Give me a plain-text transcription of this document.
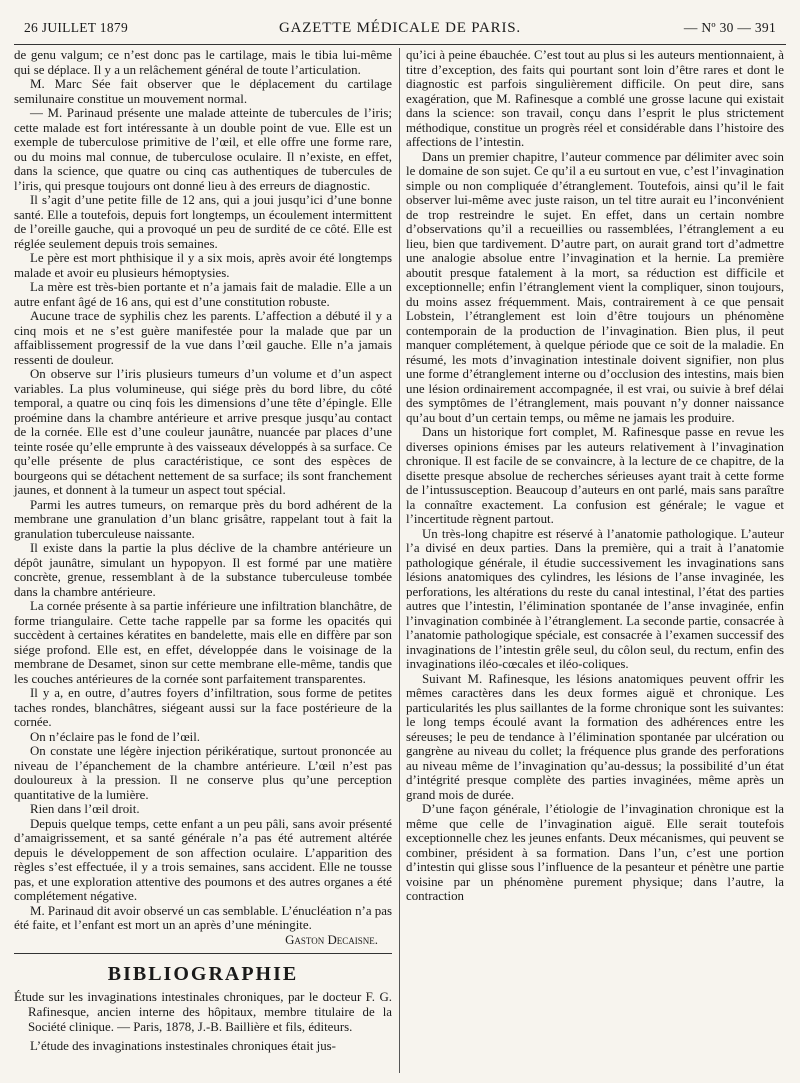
26 JUILLET 1879	GAZETTE MÉDICALE DE PARIS.	— Nº 30 — 391

de genu valgum; ce n’est donc pas le cartilage, mais le tibia lui-même qui se déplace. Il y a un relâchement général de toute l’articulation.

M. Marc Sée fait observer que le déplacement du cartilage semilunaire constitue un mouvement normal.

— M. Parinaud présente une malade atteinte de tubercules de l’iris; cette malade est fort intéressante à un double point de vue. Elle est un exemple de tuberculose primitive de l’œil, et elle offre une forme rare, ou du moins mal connue, de tuberculose oculaire. Il n’existe, en effet, dans la science, que quatre ou cinq cas authentiques de tubercules de l’iris, qui presque toujours ont donné lieu à des erreurs de diagnostic.

Il s’agit d’une petite fille de 12 ans, qui a joui jusqu’ici d’une bonne santé. Elle a toutefois, depuis fort longtemps, un écoulement intermittent de l’oreille gauche, qui a provoqué un peu de surdité de ce côté. Elle est réglée seulement depuis trois semaines.

Le père est mort phthisique il y a six mois, après avoir été longtemps malade et avoir eu plusieurs hémoptysies.

La mère est très-bien portante et n’a jamais fait de maladie. Elle a un autre enfant âgé de 16 ans, qui est d’une constitution robuste.

Aucune trace de syphilis chez les parents. L’affection a débuté il y a cinq mois et ne s’est guère manifestée pour la malade que par un affaiblissement progressif de la vue dans l’œil gauche. Elle n’a jamais ressenti de douleur.

On observe sur l’iris plusieurs tumeurs d’un volume et d’un aspect variables. La plus volumineuse, qui siége près du bord libre, du côté temporal, a quatre ou cinq fois les dimensions d’une tête d’épingle. Elle proémine dans la chambre antérieure et arrive presque jusqu’au contact de la cornée. Elle est d’une couleur jaunâtre, nuancée par places d’une teinte rosée qu’elle emprunte à des vaisseaux développés à sa surface. Ce qu’elle présente de plus caractéristique, ce sont des espèces de bourgeons qui se détachent nettement de sa surface; ils sont franchement jaunes, et donnent à la tumeur un aspect tout spécial.

Parmi les autres tumeurs, on remarque près du bord adhérent de la membrane une granulation d’un blanc grisâtre, rappelant tout à fait la granulation tuberculeuse naissante.

Il existe dans la partie la plus déclive de la chambre antérieure un dépôt jaunâtre, simulant un hypopyon. Il est formé par une matière concrète, grenue, ressemblant à de la substance tuberculeuse tombée dans la chambre antérieure.

La cornée présente à sa partie inférieure une infiltration blanchâtre, de forme triangulaire. Cette tache rappelle par sa forme les opacités qui succèdent à certaines kératites en bandelette, mais elle en diffère par son siége profond. Elle est, en effet, développée dans le voisinage de la membrane de Desamet, sinon sur cette membrane elle-même, tandis que les couches antérieures de la cornée sont parfaitement transparentes.

Il y a, en outre, d’autres foyers d’infiltration, sous forme de petites taches rondes, blanchâtres, siégeant aussi sur la face postérieure de la cornée.

On n’éclaire pas le fond de l’œil.

On constate une légère injection périkératique, surtout prononcée au niveau de l’épanchement de la chambre antérieure. L’œil n’est pas douloureux à la pression. Il ne conserve plus qu’une perception quantitative de la lumière.

Rien dans l’œil droit.

Depuis quelque temps, cette enfant a un peu pâli, sans avoir présenté d’amaigrissement, et sa santé générale n’a pas été autrement altérée depuis le développement de son affection oculaire. L’apparition des règles s’est effectuée, il y a trois semaines, sans accident. Elle ne tousse pas, et une exploration attentive des poumons et des autres organes a été complétement négative.

M. Parinaud dit avoir observé un cas semblable. L’énucléation n’a pas été faite, et l’enfant est mort un an après d’une méningite.

Gaston Decaisne.

BIBLIOGRAPHIE
Étude sur les invaginations intestinales chroniques, par le docteur F. G. Rafinesque, ancien interne des hôpitaux, membre titulaire de la Société clinique. — Paris, 1878, J.-B. Baillière et fils, éditeurs.

L’étude des invaginations instestinales chroniques était jus-

qu’ici à peine ébauchée. C’est tout au plus si les auteurs mentionnaient, à titre d’exception, des faits qui pourtant sont loin d’être rares et dont le diagnostic est parfois singulièrement difficile. On peut dire, sans exagération, que M. Rafinesque a comblé une grosse lacune qui existait dans la science: son travail, conçu dans l’esprit le plus strictement méthodique, constitue un progrès réel et considérable dans l’histoire des affections de l’intestin.

Dans un premier chapitre, l’auteur commence par délimiter avec soin le domaine de son sujet. Ce qu’il a eu surtout en vue, c’est l’invagination simple ou non compliquée d’étranglement. Toutefois, ainsi qu’il le fait observer lui-même avec juste raison, un tel titre aurait eu l’inconvénient de trop restreindre le sujet. En effet, dans un certain nombre d’observations qu’il a recueillies ou rassemblées, l’étranglement a eu lieu, bien que tardivement. D’autre part, on aurait grand tort d’admettre une analogie absolue entre l’invagination et la hernie. La première aboutit presque fatalement à la mort, sa réduction est difficile et exceptionnelle; enfin l’étranglement vient la compliquer, sinon toujours, du moins assez fréquemment. Mais, contrairement à ce que pensait Lobstein, l’étranglement est loin d’être toujours un phénomène contemporain de la production de l’invagination. Bien plus, il peut manquer complétement, à quelque période que ce soit de la maladie. En résumé, les mots d’invagination intestinale doivent signifier, non plus une forme d’étranglement interne ou d’occlusion des intestins, mais bien une lésion ordinairement accompagnée, il est vrai, ou suivie à bref délai des symptômes de l’étranglement, mais pouvant n’y donner naissance qu’au bout d’un certain temps, ou même ne jamais les produire.

Dans un historique fort complet, M. Rafinesque passe en revue les diverses opinions émises par les auteurs relativement à l’invagination chronique. Il est facile de se convaincre, à la lecture de ce chapitre, de la disette presque absolue de recherches sérieuses ayant trait à cette forme de l’intussusception. Beaucoup d’auteurs en ont parlé, mais sans paraître la connaître exactement. La confusion est générale; le vague et l’incertitude règnent partout.

Un très-long chapitre est réservé à l’anatomie pathologique. L’auteur l’a divisé en deux parties. Dans la première, qui a trait à l’anatomie pathologique générale, il étudie successivement les invaginations sans lésions anatomiques des cylindres, les lésions de l’anse invaginée, les perforations, les altérations du reste du canal intestinal, l’état des parties autres que l’intestin, l’élimination spontanée de l’anse invaginée, enfin l’invagination combinée à l’étranglement. La seconde partie, consacrée à l’anatomie pathologique spéciale, est consacrée à l’examen successif des invaginations de l’intestin grêle seul, du côlon seul, du rectum, enfin des invaginations iléo-cœcales et iléo-coliques.

Suivant M. Rafinesque, les lésions anatomiques peuvent offrir les mêmes caractères dans les deux formes aiguë et chronique. Les particularités les plus saillantes de la forme chronique sont les suivantes: le long temps écoulé avant la formation des adhérences entre les séreuses; le peu de tendance à l’élimination spontanée par ulcération ou gangrène au niveau du collet; la fréquence plus grande des perforations au niveau même de l’invagination qu’au-dessus; la possibilité d’un état d’intégrité presque complète des parties invaginées, même après un grand mois de durée.

D’une façon générale, l’étiologie de l’invagination chronique est la même que celle de l’invagination aiguë. Elle serait toutefois exceptionnelle chez les jeunes enfants. Deux mécanismes, qui peuvent se combiner, président à sa formation. Dans l’un, c’est une portion d’intestin qui glisse sous l’influence de la pesanteur et pénètre une partie voisine par un phénomène purement physique; dans l’autre, la contraction
